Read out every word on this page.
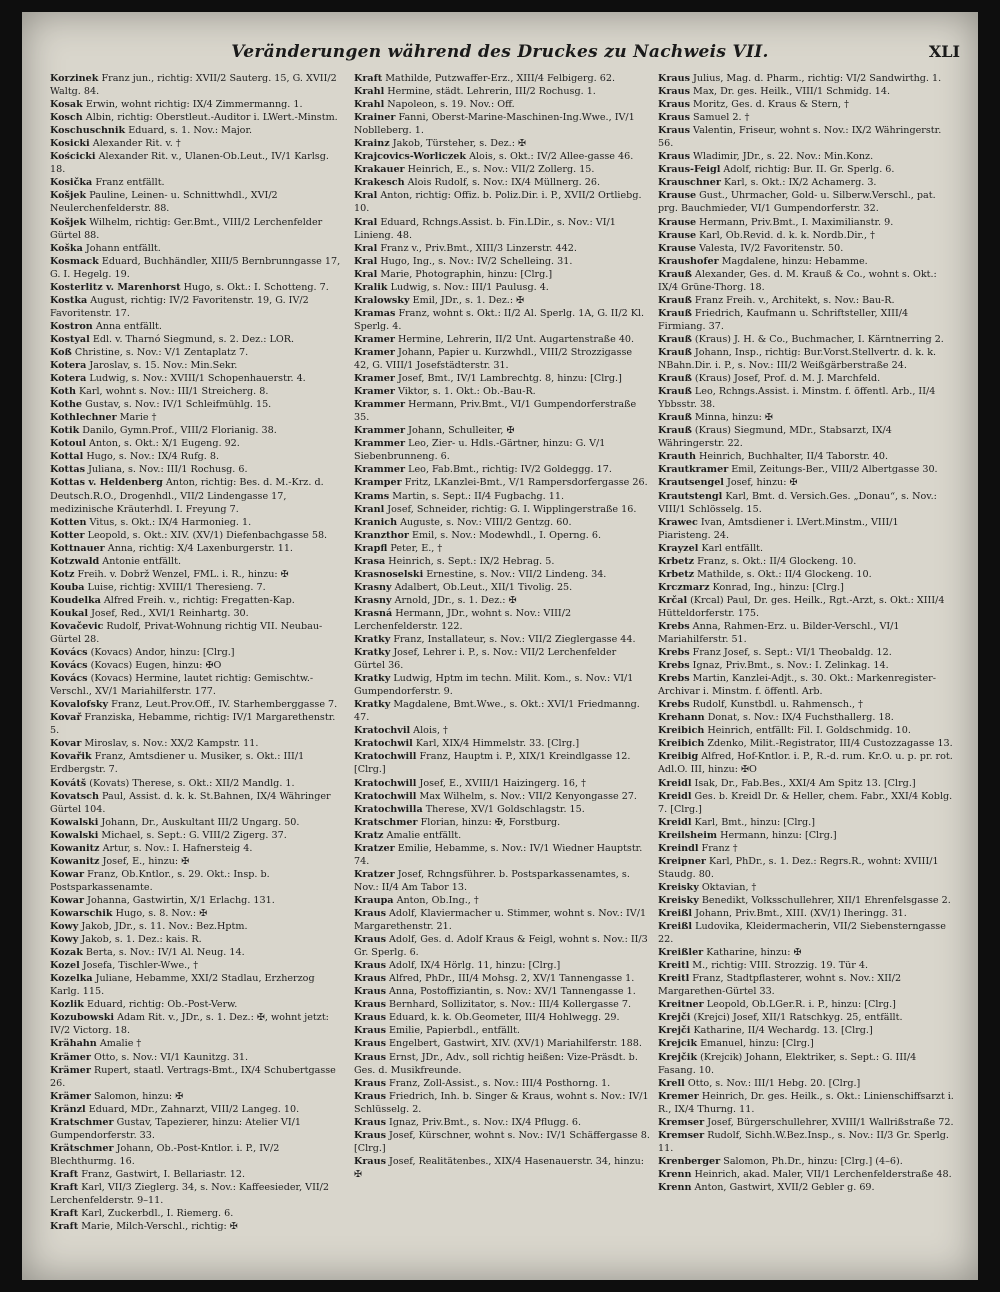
Veränderungen während des Druckes zu Nachweis VII.	XLI

Korzinek Franz jun., richtig: XVII/2 Sauterg. 15, G. XVII/2 Waltg. 84.

Kosak Erwin, wohnt richtig: IX/4 Zimmermanng. 1.

Kosch Albin, richtig: Oberstleut.-Auditor i. LWert.-Minstm.

Koschuschnik Eduard, s. 1. Nov.: Major.

Kosicki Alexander Rit. v. †

Kościcki Alexander Rit. v., Ulanen-Ob.Leut., IV/1 Karlsg. 18.

Kosička Franz entfällt.

Košjek Pauline, Leinen- u. Schnittwhdl., XVI/2 Neulerchenfelderstr. 88.

Košjek Wilhelm, richtig: Ger.Bmt., VIII/2 Lerchenfelder Gürtel 88.

Koška Johann entfällt.

Kosmack Eduard, Buchhändler, XIII/5 Bernbrunngasse 17, G. I. Hegelg. 19.

Kosterlitz v. Marenhorst Hugo, s. Okt.: I. Schotteng. 7.

Kostka August, richtig: IV/2 Favoritenstr. 19, G. IV/2 Favoritenstr. 17.

Kostron Anna entfällt.

Kostyal Edl. v. Tharnó Siegmund, s. 2. Dez.: LOR.

Koß Christine, s. Nov.: V/1 Zentaplatz 7.

Kotera Jaroslav, s. 15. Nov.: Min.Sekr.

Kotera Ludwig, s. Nov.: XVIII/1 Schopenhauerstr. 4.

Koth Karl, wohnt s. Nov.: III/1 Streicherg. 8.

Kothe Gustav, s. Nov.: IV/1 Schleifmühlg. 15.

Kothlechner Marie †

Kotik Danilo, Gymn.Prof., VIII/2 Florianig. 38.

Kotoul Anton, s. Okt.: X/1 Eugeng. 92.

Kottal Hugo, s. Nov.: IX/4 Rufg. 8.

Kottas Juliana, s. Nov.: III/1 Rochusg. 6.

Kottas v. Heldenberg Anton, richtig: Bes. d. M.-Krz. d. Deutsch.R.O., Drogenhdl., VII/2 Lindengasse 17, medizinische Kräuterhdl. I. Freyung 7.

Kotten Vitus, s. Okt.: IX/4 Harmonieg. 1.

Kotter Leopold, s. Okt.: XIV. (XV/1) Diefenbachgasse 58.

Kottnauer Anna, richtig: X/4 Laxenburgerstr. 11.

Kotzwald Antonie entfällt.

Kotz Freih. v. Dobrž Wenzel, FML. i. R., hinzu: ✠

Kouba Luise, richtig: XVIII/1 Theresieng. 7.

Koudelka Alfred Freih. v., richtig: Fregatten-Kap.

Koukal Josef, Red., XVI/1 Reinhartg. 30.

Kovačevic Rudolf, Privat-Wohnung richtig VII. Neubau-Gürtel 28.

Kovács (Kovacs) Andor, hinzu: [Clrg.]

Kovács (Kovacs) Eugen, hinzu: ✠O

Kovács (Kovacs) Hermine, lautet richtig: Gemischtw.-Verschl., XV/1 Mariahilferstr. 177.

Kovalofsky Franz, Leut.Prov.Off., IV. Starhemberggasse 7.

Kovař Franziska, Hebamme, richtig: IV/1 Margarethenstr. 5.

Kovar Miroslav, s. Nov.: XX/2 Kampstr. 11.

Kovařik Franz, Amtsdiener u. Musiker, s. Okt.: III/1 Erdbergstr. 7.

Kovátš (Kovats) Therese, s. Okt.: XII/2 Mandlg. 1.

Kovatsch Paul, Assist. d. k. k. St.Bahnen, IX/4 Währinger Gürtel 104.

Kowalski Johann, Dr., Auskultant III/2 Ungarg. 50.

Kowalski Michael, s. Sept.: G. VIII/2 Zigerg. 37.

Kowanitz Artur, s. Nov.: I. Hafnersteig 4.

Kowanitz Josef, E., hinzu: ✠

Kowar Franz, Ob.Kntlor., s. 29. Okt.: Insp. b. Postsparkassenamte.

Kowar Johanna, Gastwirtin, X/1 Erlachg. 131.

Kowarschik Hugo, s. 8. Nov.: ✠

Kowy Jakob, JDr., s. 11. Nov.: Bez.Hptm.

Kowy Jakob, s. 1. Dez.: kais. R.

Kozak Berta, s. Nov.: IV/1 Al. Neug. 14.

Kozel Josefa, Tischler-Wwe., †

Kozelka Juliane, Hebamme, XXI/2 Stadlau, Erzherzog Karlg. 115.

Kozlik Eduard, richtig: Ob.-Post-Verw.

Kozubowski Adam Rit. v., JDr., s. 1. Dez.: ✠, wohnt jetzt: IV/2 Victorg. 18.

Krähahn Amalie †

Krämer Otto, s. Nov.: VI/1 Kaunitzg. 31.

Krämer Rupert, staatl. Vertrags-Bmt., IX/4 Schubertgasse 26.

Krämer Salomon, hinzu: ✠

Kränzl Eduard, MDr., Zahnarzt, VIII/2 Langeg. 10.

Kratschmer Gustav, Tapezierer, hinzu: Atelier VI/1 Gumpendorferstr. 33.

Krätschmer Johann, Ob.-Post-Kntlor. i. P., IV/2 Blechthurmg. 16.

Kraft Franz, Gastwirt, I. Bellariastr. 12.

Kraft Karl, VII/3 Zieglerg. 34, s. Nov.: Kaffeesieder, VII/2 Lerchenfelderstr. 9–11.

Kraft Karl, Zuckerbdl., I. Riemerg. 6.

Kraft Marie, Milch-Verschl., richtig: ✠

Kraft Mathilde, Putzwaffer-Erz., XIII/4 Felbigerg. 62.

Krahl Hermine, städt. Lehrerin, III/2 Rochusg. 1.

Krahl Napoleon, s. 19. Nov.: Off.

Krainer Fanni, Oberst-Marine-Maschinen-Ing.Wwe., IV/1 Noblleberg. 1.

Krainz Jakob, Türsteher, s. Dez.: ✠

Krajcovics-Worliczek Alois, s. Okt.: IV/2 Allee-gasse 46.

Krakauer Heinrich, E., s. Nov.: VII/2 Zollerg. 15.

Krakesch Alois Rudolf, s. Nov.: IX/4 Müllnerg. 26.

Kral Anton, richtig: Offiz. b. Poliz.Dir. i. P., XVII/2 Ortliebg. 10.

Kral Eduard, Rchngs.Assist. b. Fin.LDir., s. Nov.: VI/1 Linieng. 48.

Kral Franz v., Priv.Bmt., XIII/3 Linzerstr. 442.

Kral Hugo, Ing., s. Nov.: IV/2 Schelleing. 31.

Kral Marie, Photographin, hinzu: [Clrg.]

Kralik Ludwig, s. Nov.: III/1 Paulusg. 4.

Kralowsky Emil, JDr., s. 1. Dez.: ✠

Kramas Franz, wohnt s. Okt.: II/2 Al. Sperlg. 1A, G. II/2 Kl. Sperlg. 4.

Kramer Hermine, Lehrerin, II/2 Unt. Augartenstraße 40.

Kramer Johann, Papier u. Kurzwhdl., VIII/2 Strozzigasse 42, G. VIII/1 Josefstädterstr. 31.

Kramer Josef, Bmt., IV/1 Lambrechtg. 8, hinzu: [Clrg.]

Kramer Viktor, s. 1. Okt.: Ob.-Bau-R.

Krammer Hermann, Priv.Bmt., VI/1 Gumpendorferstraße 35.

Krammer Johann, Schulleiter, ✠

Krammer Leo, Zier- u. Hdls.-Gärtner, hinzu: G. V/1 Siebenbrunneng. 6.

Krammer Leo, Fab.Bmt., richtig: IV/2 Goldeggg. 17.

Kramper Fritz, LKanzlei-Bmt., V/1 Rampersdorfergasse 26.

Krams Martin, s. Sept.: II/4 Fugbachg. 11.

Kranl Josef, Schneider, richtig: G. I. Wipplingerstraße 16.

Kranich Auguste, s. Nov.: VIII/2 Gentzg. 60.

Kranzthor Emil, s. Nov.: Modewhdl., I. Operng. 6.

Krapfl Peter, E., †

Krasa Heinrich, s. Sept.: IX/2 Hebrag. 5.

Krasnoselski Ernestine, s. Nov.: VII/2 Lindeng. 34.

Krasny Adalbert, Ob.Leut., XII/1 Tivolig. 25.

Krasny Arnold, JDr., s. 1. Dez.: ✠

Krasná Hermann, JDr., wohnt s. Nov.: VIII/2 Lerchenfelderstr. 122.

Kratky Franz, Installateur, s. Nov.: VII/2 Zieglergasse 44.

Kratky Josef, Lehrer i. P., s. Nov.: VII/2 Lerchenfelder Gürtel 36.

Kratky Ludwig, Hptm im techn. Milit. Kom., s. Nov.: VI/1 Gumpendorferstr. 9.

Kratky Magdalene, Bmt.Wwe., s. Okt.: XVI/1 Friedmanng. 47.

Kratochvil Alois, †

Kratochwil Karl, XIX/4 Himmelstr. 33. [Clrg.]

Kratochwill Franz, Hauptm i. P., XIX/1 Kreindlgasse 12. [Clrg.]

Kratochwill Josef, E., XVIII/1 Haizingerg. 16, †

Kratochwill Max Wilhelm, s. Nov.: VII/2 Kenyongasse 27.

Kratochwilla Therese, XV/1 Goldschlagstr. 15.

Kratschmer Florian, hinzu: ✠, Forstburg.

Kratz Amalie entfällt.

Kratzer Emilie, Hebamme, s. Nov.: IV/1 Wiedner Hauptstr. 74.

Kratzer Josef, Rchngsführer. b. Postsparkassenamtes, s. Nov.: II/4 Am Tabor 13.

Kraupa Anton, Ob.Ing., †

Kraus Adolf, Klaviermacher u. Stimmer, wohnt s. Nov.: IV/1 Margarethenstr. 21.

Kraus Adolf, Ges. d. Adolf Kraus & Feigl, wohnt s. Nov.: II/3 Gr. Sperlg. 6.

Kraus Adolf, IX/4 Hörlg. 11, hinzu: [Clrg.]

Kraus Alfred, PhDr., III/4 Mohsg. 2, XV/1 Tannengasse 1.

Kraus Anna, Postoffiziantin, s. Nov.: XV/1 Tannengasse 1.

Kraus Bernhard, Sollizitator, s. Nov.: III/4 Kollergasse 7.

Kraus Eduard, k. k. Ob.Geometer, III/4 Hohlwegg. 29.

Kraus Emilie, Papierbdl., entfällt.

Kraus Engelbert, Gastwirt, XIV. (XV/1) Mariahilferstr. 188.

Kraus Ernst, JDr., Adv., soll richtig heißen: Vize-Präsdt. b. Ges. d. Musikfreunde.

Kraus Franz, Zoll-Assist., s. Nov.: III/4 Posthorng. 1.

Kraus Friedrich, Inh. b. Singer & Kraus, wohnt s. Nov.: IV/1 Schlüsselg. 2.

Kraus Ignaz, Priv.Bmt., s. Nov.: IX/4 Pflugg. 6.

Kraus Josef, Kürschner, wohnt s. Nov.: IV/1 Schäffergasse 8. [Clrg.]

Kraus Josef, Realitätenbes., XIX/4 Hasenauerstr. 34, hinzu: ✠

Kraus Julius, Mag. d. Pharm., richtig: VI/2 Sandwirthg. 1.

Kraus Max, Dr. ges. Heilk., VIII/1 Schmidg. 14.

Kraus Moritz, Ges. d. Kraus & Stern, †

Kraus Samuel 2. †

Kraus Valentin, Friseur, wohnt s. Nov.: IX/2 Währingerstr. 56.

Kraus Wladimir, JDr., s. 22. Nov.: Min.Konz.

Kraus-Feigl Adolf, richtig: Bur. II. Gr. Sperlg. 6.

Krauschner Karl, s. Okt.: IX/2 Achamerg. 3.

Krause Gust., Uhrmacher, Gold- u. Silberw.Verschl., pat. prg. Bauchmieder, VI/1 Gumpendorferstr. 32.

Krause Hermann, Priv.Bmt., I. Maximilianstr. 9.

Krause Karl, Ob.Revid. d. k. k. Nordb.Dir., †

Krause Valesta, IV/2 Favoritenstr. 50.

Kraushofer Magdalene, hinzu: Hebamme.

Krauß Alexander, Ges. d. M. Krauß & Co., wohnt s. Okt.: IX/4 Grüne-Thorg. 18.

Krauß Franz Freih. v., Architekt, s. Nov.: Bau-R.

Krauß Friedrich, Kaufmann u. Schriftsteller, XIII/4 Firmiang. 37.

Krauß (Kraus) J. H. & Co., Buchmacher, I. Kärntnerring 2.

Krauß Johann, Insp., richtig: Bur.Vorst.Stellvertr. d. k. k. NBahn.Dir. i. P., s. Nov.: III/2 Weißgärberstraße 24.

Krauß (Kraus) Josef, Prof. d. M. J. Marchfeld.

Krauß Leo, Rchngs.Assist. i. Minstm. f. öffentl. Arb., II/4 Ybbsstr. 38.

Krauß Minna, hinzu: ✠

Krauß (Kraus) Siegmund, MDr., Stabsarzt, IX/4 Währingerstr. 22.

Krauth Heinrich, Buchhalter, II/4 Taborstr. 40.

Krautkramer Emil, Zeitungs-Ber., VIII/2 Albertgasse 30.

Krautsengel Josef, hinzu: ✠

Krautstengl Karl, Bmt. d. Versich.Ges. „Donau“, s. Nov.: VIII/1 Schlösselg. 15.

Krawec Ivan, Amtsdiener i. LVert.Minstm., VIII/1 Piaristeng. 24.

Krayzel Karl entfällt.

Krbetz Franz, s. Okt.: II/4 Glockeng. 10.

Krbetz Mathilde, s. Okt.: II/4 Glockeng. 10.

Krczmarz Konrad, Ing., hinzu: [Clrg.]

Krčal (Krcal) Paul, Dr. ges. Heilk., Rgt.-Arzt, s. Okt.: XIII/4 Hütteldorferstr. 175.

Krebs Anna, Rahmen-Erz. u. Bilder-Verschl., VI/1 Mariahilferstr. 51.

Krebs Franz Josef, s. Sept.: VI/1 Theobaldg. 12.

Krebs Ignaz, Priv.Bmt., s. Nov.: I. Zelinkag. 14.

Krebs Martin, Kanzlei-Adjt., s. 30. Okt.: Markenregister-Archivar i. Minstm. f. öffentl. Arb.

Krebs Rudolf, Kunstbdl. u. Rahmensch., †

Krehann Donat, s. Nov.: IX/4 Fuchsthallerg. 18.

Kreibich Heinrich, entfällt: Fil. I. Goldschmidg. 10.

Kreibich Zdenko, Milit.-Registrator, III/4 Custozzagasse 13.

Kreibig Alfred, Hof-Kntlor. i. P., R.-d. rum. Kr.O. u. p. pr. rot. Adl.O. III, hinzu: ✠O

Kreidl Isak, Dr., Fab.Bes., XXI/4 Am Spitz 13. [Clrg.]

Kreidl Ges. b. Kreidl Dr. & Heller, chem. Fabr., XXI/4 Koblg. 7. [Clrg.]

Kreidl Karl, Bmt., hinzu: [Clrg.]

Kreilsheim Hermann, hinzu: [Clrg.]

Kreindl Franz †

Kreipner Karl, PhDr., s. 1. Dez.: Regrs.R., wohnt: XVIII/1 Staudg. 80.

Kreisky Oktavian, †

Kreisky Benedikt, Volksschullehrer, XII/1 Ehrenfelsgasse 2.

Kreißl Johann, Priv.Bmt., XIII. (XV/1) Iheringg. 31.

Kreißl Ludovika, Kleidermacherin, VII/2 Siebensterngasse 22.

Kreißler Katharine, hinzu: ✠

Kreitl M., richtig: VIII. Strozzig. 19. Tür 4.

Kreitl Franz, Stadtpflasterer, wohnt s. Nov.: XII/2 Margarethen-Gürtel 33.

Kreitner Leopold, Ob.LGer.R. i. P., hinzu: [Clrg.]

Krejči (Krejci) Josef, XII/1 Ratschkyg. 25, entfällt.

Krejči Katharine, II/4 Wechardg. 13. [Clrg.]

Krejcik Emanuel, hinzu: [Clrg.]

Krejčik (Krejcik) Johann, Elektriker, s. Sept.: G. III/4 Fasang. 10.

Krell Otto, s. Nov.: III/1 Hebg. 20. [Clrg.]

Kremer Heinrich, Dr. ges. Heilk., s. Okt.: Linienschiffsarzt i. R., IX/4 Thurng. 11.

Kremser Josef, Bürgerschullehrer, XVIII/1 Wallrißstraße 72.

Kremser Rudolf, Sichh.W.Bez.Insp., s. Nov.: II/3 Gr. Sperlg. 11.

Krenberger Salomon, Ph.Dr., hinzu: [Clrg.] (4–6).

Krenn Heinrich, akad. Maler, VII/1 Lerchenfelderstraße 48.

Krenn Anton, Gastwirt, XVII/2 Gebler g. 69.
